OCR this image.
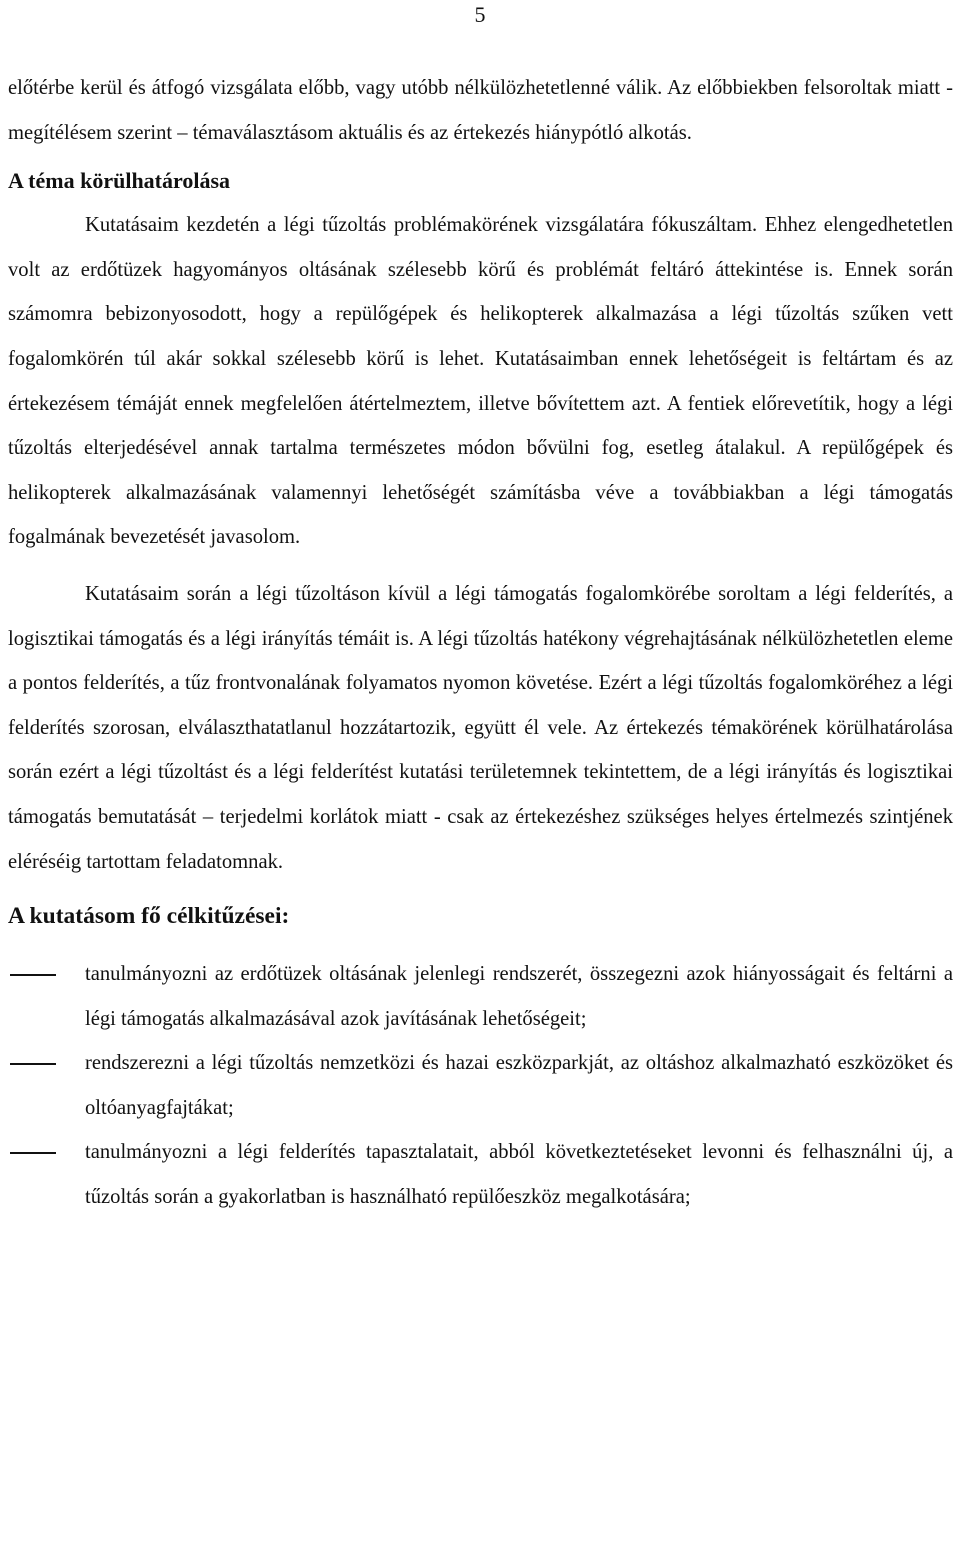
5

előtérbe kerül és átfogó vizsgálata előbb, vagy utóbb nélkülözhetetlenné válik. Az előbbiekben felsoroltak miatt - megítélésem szerint – témaválasztásom aktuális és az értekezés hiánypótló alkotás.

A téma körülhatárolása

Kutatásaim kezdetén a légi tűzoltás problémakörének vizsgálatára fókuszáltam. Ehhez elengedhetetlen volt az erdőtüzek hagyományos oltásának szélesebb körű és problémát feltáró áttekintése is. Ennek során számomra bebizonyosodott, hogy a repülőgépek és helikopterek alkalmazása a légi tűzoltás szűken vett fogalomkörén túl akár sokkal szélesebb körű is lehet. Kutatásaimban ennek lehetőségeit is feltártam és az értekezésem témáját ennek megfelelően átértelmeztem, illetve bővítettem azt. A fentiek előrevetítik, hogy a légi tűzoltás elterjedésével annak tartalma természetes módon bővülni fog, esetleg átalakul. A repülőgépek és helikopterek alkalmazásának valamennyi lehetőségét számításba véve a továbbiakban a légi támogatás fogalmának bevezetését javasolom.

Kutatásaim során a légi tűzoltáson kívül a légi támogatás fogalomkörébe soroltam a légi felderítés, a logisztikai támogatás és a légi irányítás témáit is. A légi tűzoltás hatékony végrehajtásának nélkülözhetetlen eleme a pontos felderítés, a tűz frontvonalának folyamatos nyomon követése. Ezért a légi tűzoltás fogalomköréhez a légi felderítés szorosan, elválaszthatatlanul hozzátartozik, együtt él vele. Az értekezés témakörének körülhatárolása során ezért a légi tűzoltást és a légi felderítést kutatási területemnek tekintettem, de a légi irányítás és logisztikai támogatás bemutatását – terjedelmi korlátok miatt - csak az értekezéshez szükséges helyes értelmezés szintjének eléréséig tartottam feladatomnak.

A kutatásom fő célkitűzései:
tanulmányozni az erdőtüzek oltásának jelenlegi rendszerét, összegezni azok hiányosságait és feltárni a légi támogatás alkalmazásával azok javításának lehetőségeit;
rendszerezni a légi tűzoltás nemzetközi és hazai eszközparkját, az oltáshoz alkalmazható eszközöket és oltóanyagfajtákat;
tanulmányozni a légi felderítés tapasztalatait, abból következtetéseket levonni és felhasználni új, a tűzoltás során a gyakorlatban is használható repülőeszköz megalkotására;
